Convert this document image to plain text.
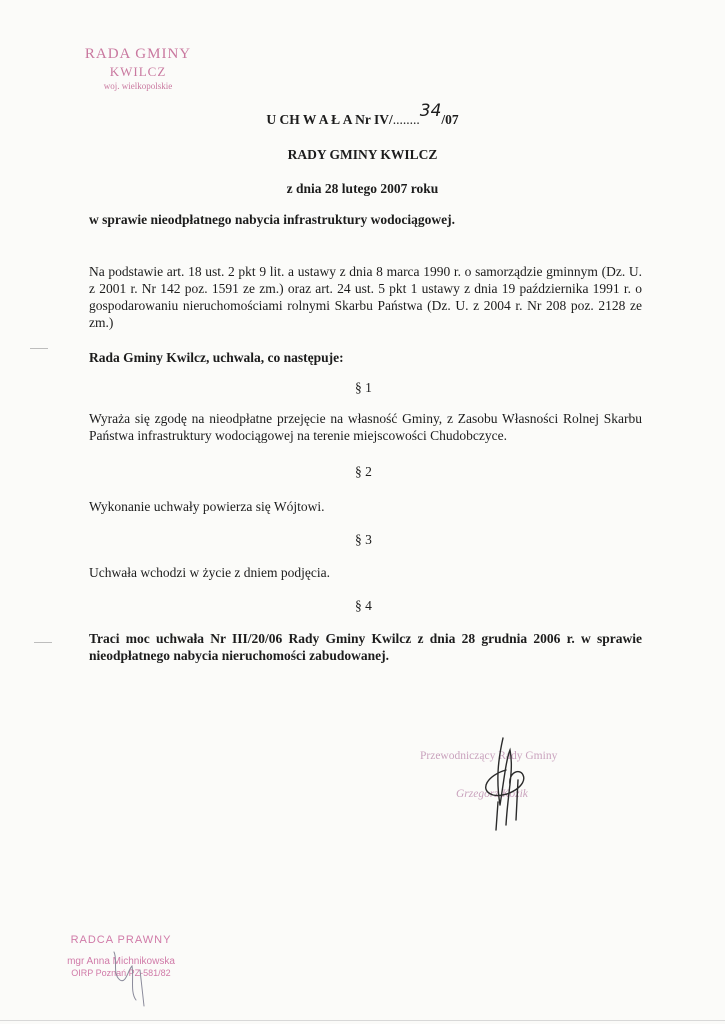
RADA GMINY
KWILCZ
woj. wielkopolskie
U CH W A Ł A Nr IV/........34/07
RADY GMINY KWILCZ
z dnia 28 lutego 2007 roku
w sprawie nieodpłatnego nabycia infrastruktury wodociągowej.
Na podstawie art. 18 ust. 2 pkt 9 lit. a ustawy z dnia 8 marca 1990 r. o samorządzie gminnym (Dz. U. z 2001 r. Nr 142 poz. 1591 ze zm.) oraz art. 24 ust. 5 pkt 1 ustawy z dnia 19 października 1991 r. o gospodarowaniu nieruchomościami rolnymi Skarbu Państwa (Dz. U. z 2004 r. Nr 208 poz. 2128 ze zm.)
Rada Gminy Kwilcz, uchwala, co następuje:
§ 1
Wyraża się zgodę na nieodpłatne przejęcie na własność Gminy, z Zasobu Własności Rolnej Skarbu Państwa infrastruktury wodociągowej na terenie miejscowości Chudobczyce.
§ 2
Wykonanie uchwały powierza się Wójtowi.
§ 3
Uchwała wchodzi w życie z dniem podjęcia.
§ 4
Traci moc uchwała Nr III/20/06 Rady Gminy Kwilcz z dnia 28 grudnia 2006 r. w sprawie nieodpłatnego nabycia nieruchomości zabudowanej.
Przewodniczący Rady Gminy
Grzegorz Kozik
RADCA PRAWNY
mgr Anna Michnikowska
OIRP Poznań PZ-581/82
